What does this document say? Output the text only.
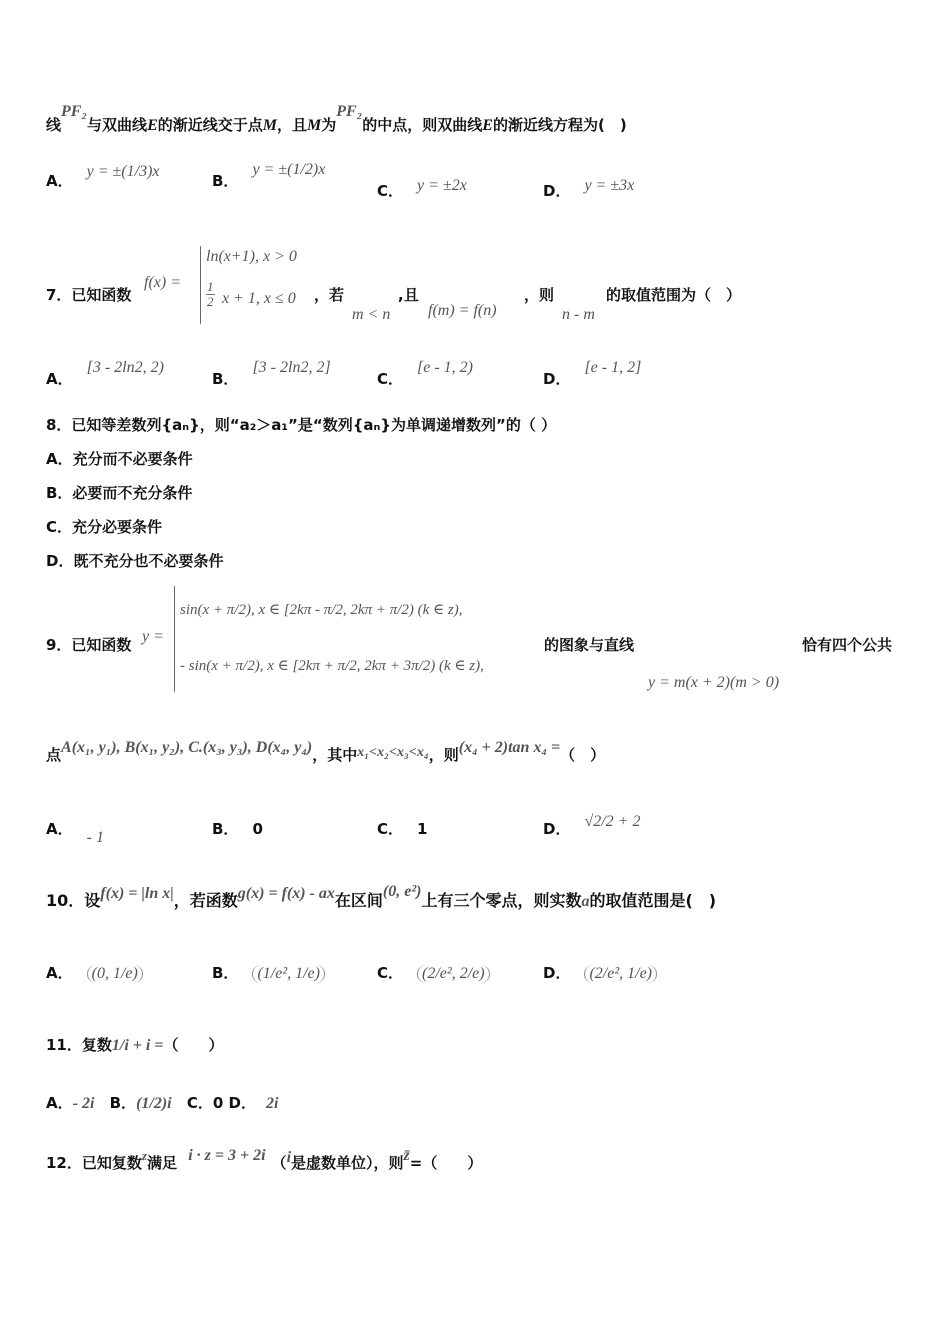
线PF₂与双曲线E的渐近线交于点M，且M为PF₂的中点，则双曲线E的渐近线方程为(　)
A．y = ±(1/3)x
B．y = ±(1/2)x
C． y = ±2x	D． y = ±3x
7．已知函数
f(x) =
ln(x+1), x > 0
$\frac{1}{2}$ x + 1, x ≤ 0 ，若
m < n
,且
f(m) = f(n)
，则
n - m
的取值范围为（　）
A．[3 - 2ln2, 2)
B．[3 - 2ln2, 2]
C．[e - 1, 2)
D．[e - 1, 2]
8．已知等差数列{aₙ}，则“a₂＞a₁”是“数列{aₙ}为单调递增数列”的（ ）
A．充分而不必要条件
B．必要而不充分条件
C．充分必要条件
D．既不充分也不必要条件
9．已知函数 y =
sin(x + π/2), x ∈ [2kπ - π/2, 2kπ + π/2) (k ∈ z),
- sin(x + π/2), x ∈ [2kπ + π/2, 2kπ + 3π/2) (k ∈ z),
的图象与直线
y = m(x + 2)(m > 0)
恰有四个公共
点A(x₁, y₁), B(x₁, y₂), C.(x₃, y₃), D(x₄, y₄)，其中x₁<x₂<x₃<x₄，则(x₄ + 2)tan x₄ =（　）
A． - 1	B． 0	C． 1	D． √2/2 + 2
10．设f(x) = |ln x|，若函数g(x) = f(x) - ax在区间(0, e²)上有三个零点，则实数a的取值范围是(　)
A． (0, 1/e)	B． (1/e², 1/e)	C． (2/e², 2/e)	D． (2/e², 1/e)
11．复数1/i + i =（　　）
A．- 2i B．(1/2)i C．0 D． 2i
12．已知复数z满足 i · z = 3 + 2i （i是虚数单位），则z̄=（　　）
